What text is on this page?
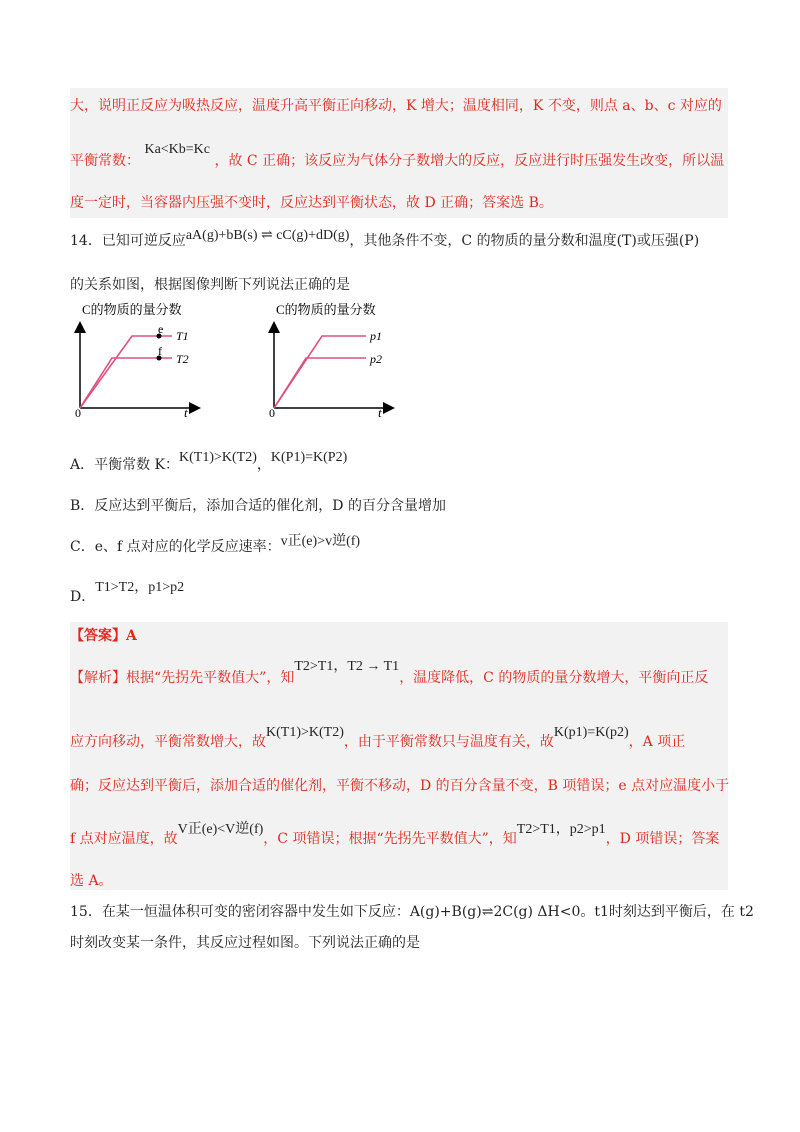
大，说明正反应为吸热反应，温度升高平衡正向移动，K 增大；温度相同，K 不变，则点 a、b、c 对应的
平衡常数： Ka<Kb=Kc ，故 C 正确；该反应为气体分子数增大的反应，反应进行时压强发生改变，所以温
度一定时，当容器内压强不变时，反应达到平衡状态，故 D 正确；答案选 B。
14．已知可逆反应aA(g)+bB(s) ⇌ cC(g)+dD(g)，其他条件不变，C 的物质的量分数和温度(T)或压强(P)
的关系如图，根据图像判断下列说法正确的是
C的物质的量分数
e
f
T1
T2
0	t
C的物质的量分数
p1
p2
0	t
A．平衡常数 K：K(T1)>K(T2)，K(P1)=K(P2)
B．反应达到平衡后，添加合适的催化剂，D 的百分含量增加
C．e、f 点对应的化学反应速率：v正(e)>v逆(f)
D．T1>T2，p1>p2
【答案】A
【解析】根据“先拐先平数值大”，知T2>T1，T2 → T1，温度降低，C 的物质的量分数增大，平衡向正反
应方向移动，平衡常数增大，故K(T1)>K(T2)，由于平衡常数只与温度有关，故K(p1)=K(p2)，A 项正
确；反应达到平衡后，添加合适的催化剂，平衡不移动，D 的百分含量不变，B 项错误；e 点对应温度小于
f 点对应温度，故V正(e)<V逆(f)，C 项错误；根据“先拐先平数值大”，知T2>T1，p2>p1，D 项错误；答案
选 A。
15．在某一恒温体积可变的密闭容器中发生如下反应：A(g)+B(g)⇌2C(g) ΔH<0。t1时刻达到平衡后，在 t2
时刻改变某一条件，其反应过程如图。下列说法正确的是
